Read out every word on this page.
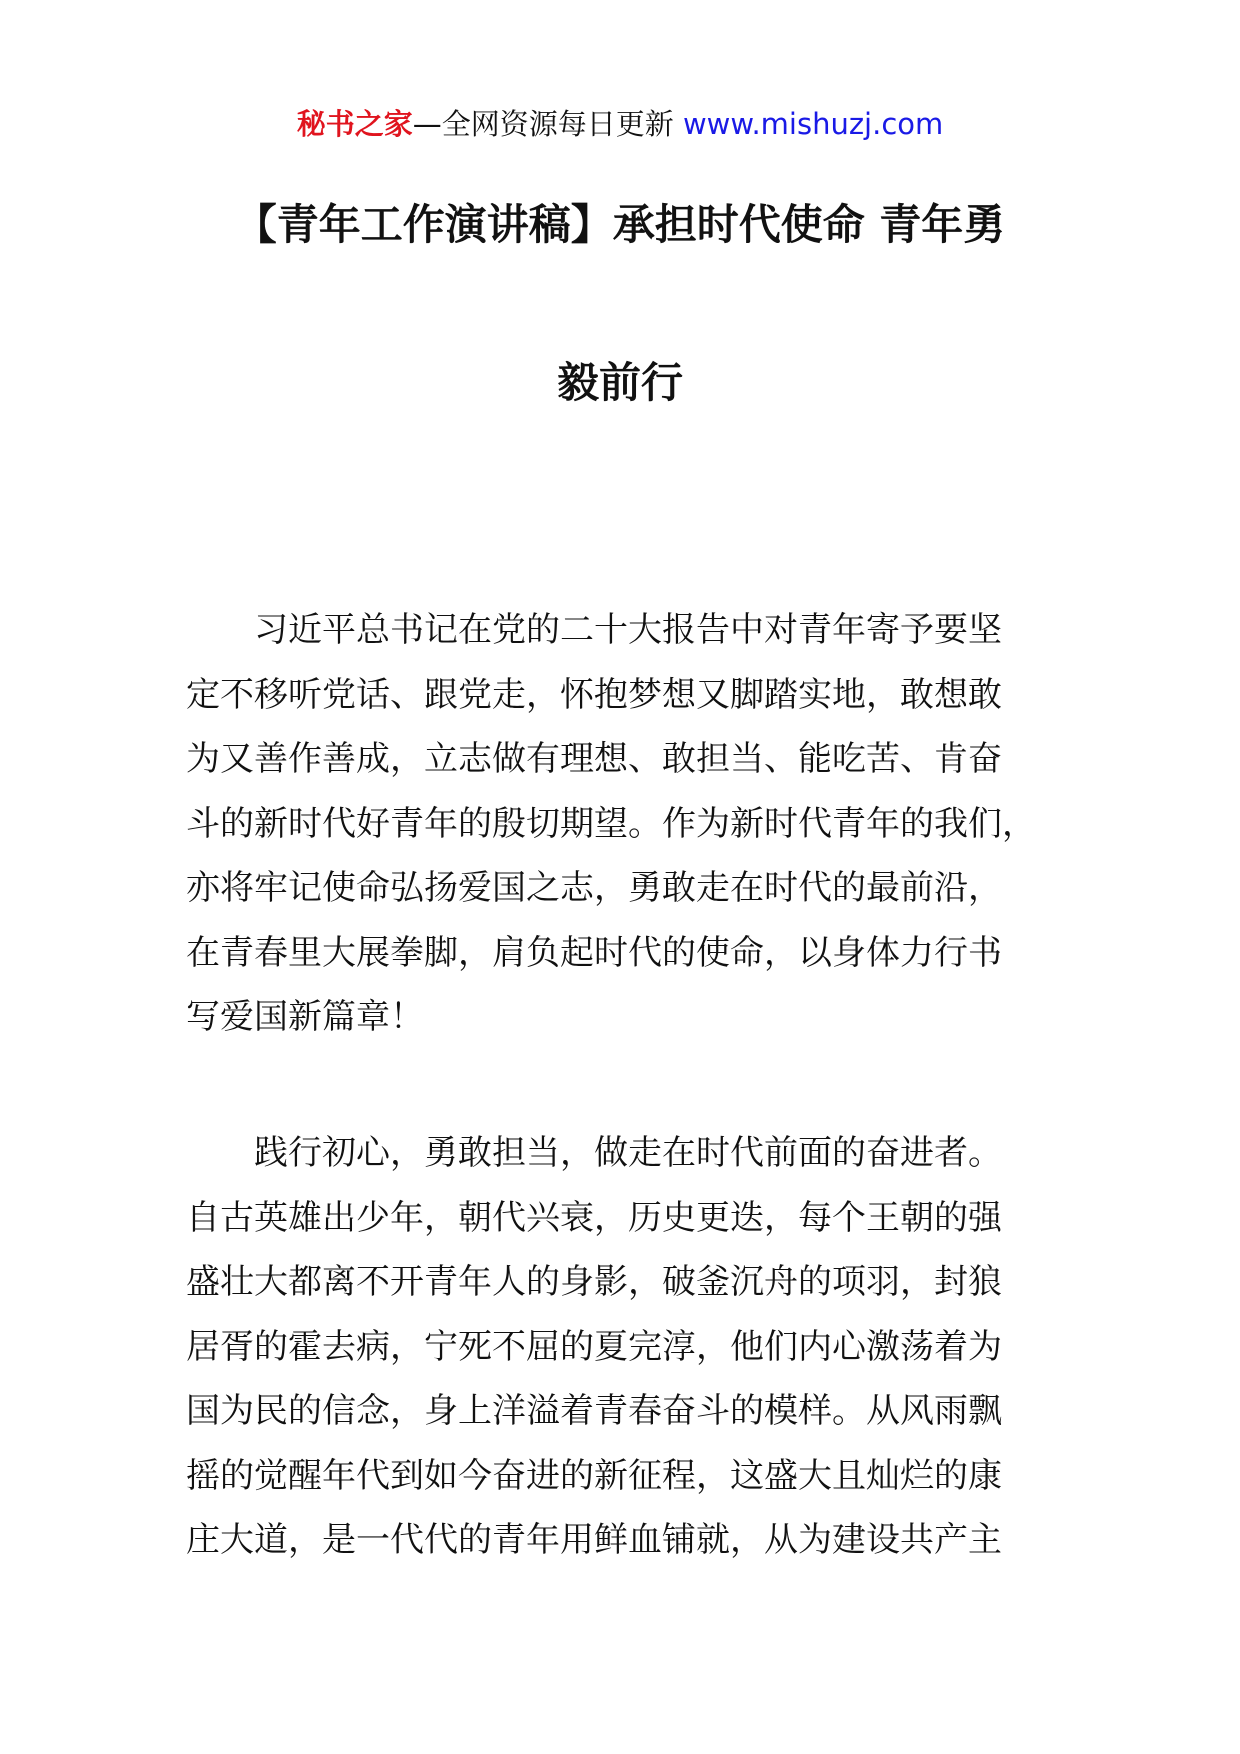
秘书之家—全网资源每日更新 www.mishuzj.com
【青年工作演讲稿】承担时代使命 青年勇
毅前行
　　习近平总书记在党的二十大报告中对青年寄予要坚
定不移听党话、跟党走，怀抱梦想又脚踏实地，敢想敢
为又善作善成，立志做有理想、敢担当、能吃苦、肯奋
斗的新时代好青年的殷切期望。作为新时代青年的我们，
亦将牢记使命弘扬爱国之志，勇敢走在时代的最前沿，
在青春里大展拳脚，肩负起时代的使命，以身体力行书
写爱国新篇章！
　　践行初心，勇敢担当，做走在时代前面的奋进者。
自古英雄出少年，朝代兴衰，历史更迭，每个王朝的强
盛壮大都离不开青年人的身影，破釜沉舟的项羽，封狼
居胥的霍去病，宁死不屈的夏完淳，他们内心激荡着为
国为民的信念，身上洋溢着青春奋斗的模样。从风雨飘
摇的觉醒年代到如今奋进的新征程，这盛大且灿烂的康
庄大道，是一代代的青年用鲜血铺就，从为建设共产主
